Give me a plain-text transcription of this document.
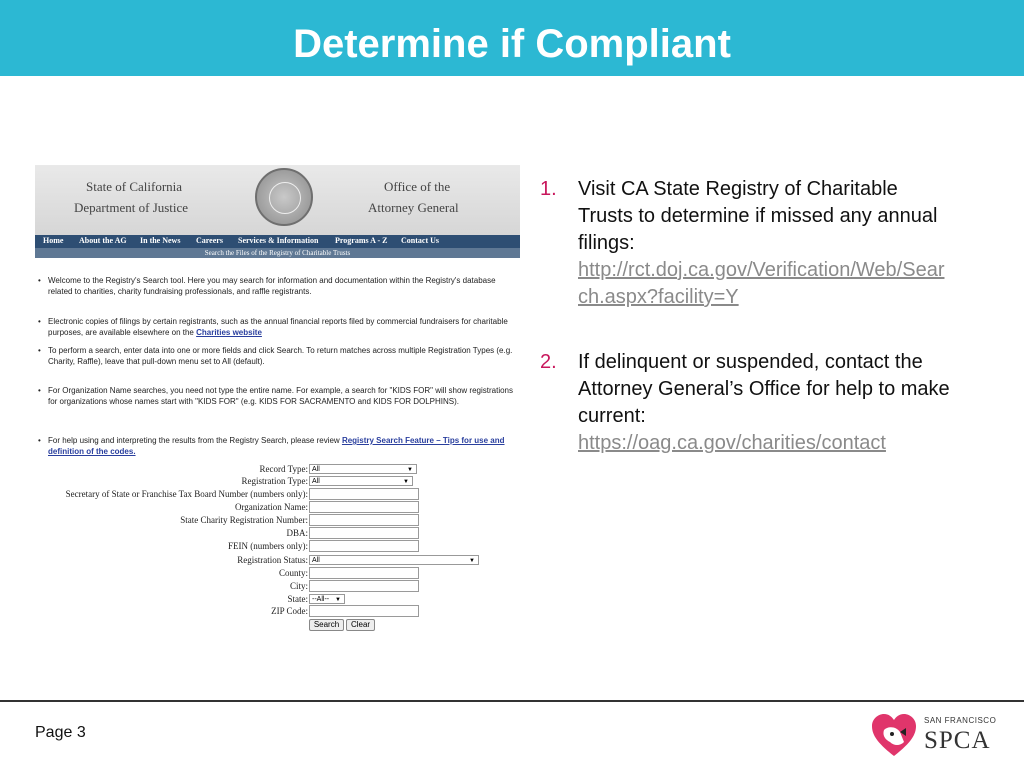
Determine if Compliant
State of California
Department of Justice
Office of the
Attorney General
Home About the AG In the News Careers Services & Information Programs A - Z Contact Us
Search the Files of the Registry of Charitable Trusts
• Welcome to the Registry's Search tool. Here you may search for information and documentation within the Registry's database related to charities, charity fundraising professionals, and raffle registrants.
• Electronic copies of filings by certain registrants, such as the annual financial reports filed by commercial fundraisers for charitable purposes, are available elsewhere on the Charities website
• To perform a search, enter data into one or more fields and click Search. To return matches across multiple Registration Types (e.g. Charity, Raffle), leave that pull-down menu set to All (default).
• For Organization Name searches, you need not type the entire name. For example, a search for "KIDS FOR" will show registrations for organizations whose names start with "KIDS FOR" (e.g. KIDS FOR SACRAMENTO and KIDS FOR DOLPHINS).
• For help using and interpreting the results from the Registry Search, please review Registry Search Feature – Tips for use and definition of the codes.
Record Type: All	▼
Registration Type: All	▼
Secretary of State or Franchise Tax Board Number (numbers only):
Organization Name:
State Charity Registration Number:
DBA:
FEIN (numbers only):
Registration Status: All	▼
County:
City:
State: --All-- ▼
ZIP Code:
Search	Clear
1. Visit CA State Registry of Charitable Trusts to determine if missed any annual filings:
http://rct.doj.ca.gov/Verification/Web/Search.aspx?facility=Y
2. If delinquent or suspended, contact the Attorney General’s Office for help to make current:
https://oag.ca.gov/charities/contact
Page 3
SAN FRANCISCO
SPCA
